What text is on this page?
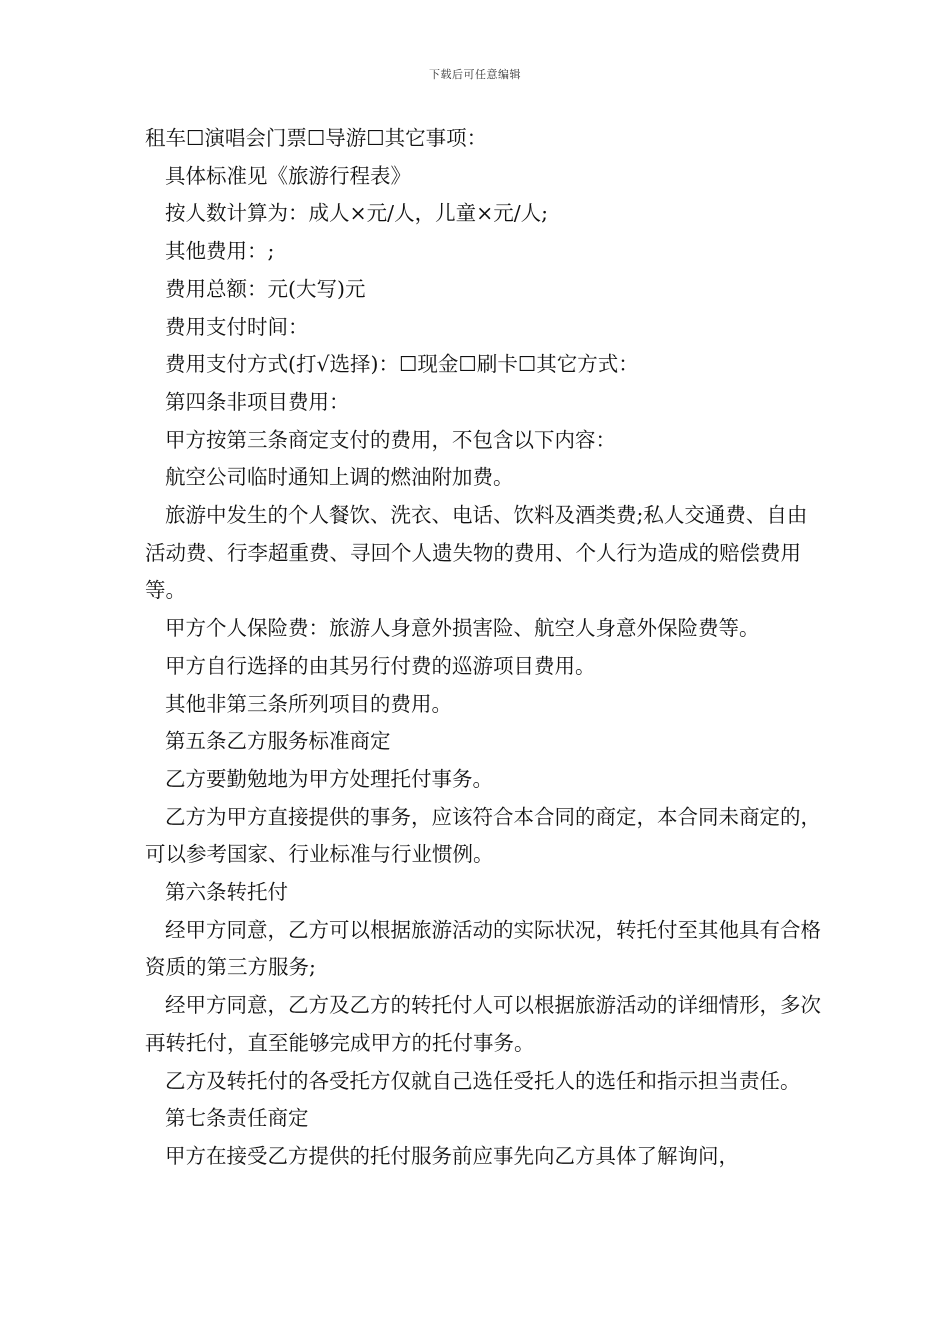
下载后可任意编辑

租车☐演唱会门票☐导游☐其它事项：

具体标准见《旅游行程表》

按人数计算为：成人×元/人，儿童×元/人;

其他费用：;

费用总额：元(大写)元

费用支付时间：

费用支付方式(打√选择)：☐现金☐刷卡☐其它方式：

第四条非项目费用：

甲方按第三条商定支付的费用，不包含以下内容：

航空公司临时通知上调的燃油附加费。

旅游中发生的个人餐饮、洗衣、电话、饮料及酒类费;私人交通费、自由活动费、行李超重费、寻回个人遗失物的费用、个人行为造成的赔偿费用等。

甲方个人保险费：旅游人身意外损害险、航空人身意外保险费等。

甲方自行选择的由其另行付费的巡游项目费用。

其他非第三条所列项目的费用。

第五条乙方服务标准商定

乙方要勤勉地为甲方处理托付事务。

乙方为甲方直接提供的事务，应该符合本合同的商定，本合同未商定的，可以参考国家、行业标准与行业惯例。

第六条转托付

经甲方同意，乙方可以根据旅游活动的实际状况，转托付至其他具有合格资质的第三方服务;

经甲方同意，乙方及乙方的转托付人可以根据旅游活动的详细情形，多次再转托付，直至能够完成甲方的托付事务。

乙方及转托付的各受托方仅就自己选任受托人的选任和指示担当责任。

第七条责任商定

甲方在接受乙方提供的托付服务前应事先向乙方具体了解询问，
